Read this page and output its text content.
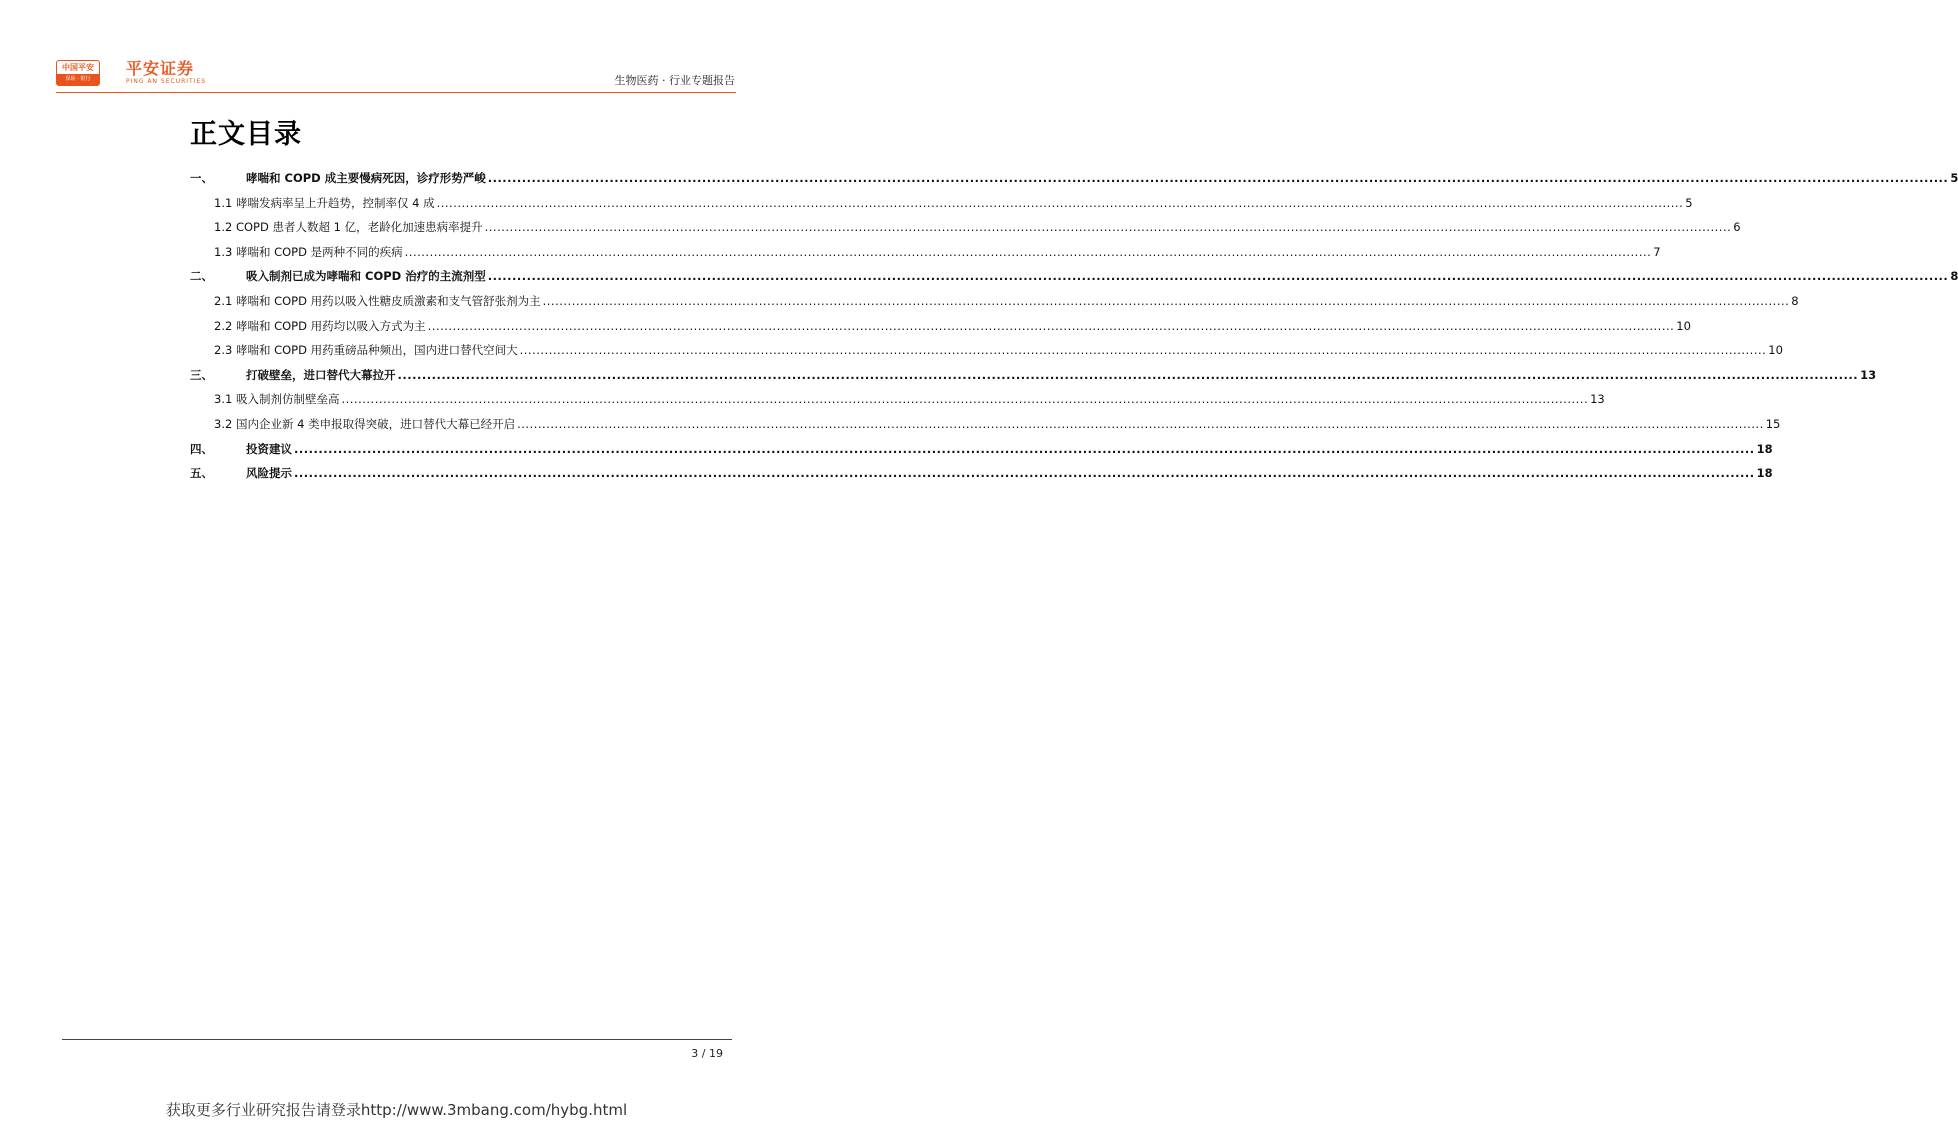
中国平安
保险 · 银行
平安证券
PING AN SECURITIES	生物医药 · 行业专题报告
正文目录
一、	哮喘和 COPD 成主要慢病死因，诊疗形势严峻 ............................................................................................................................................................................................................................................................................................................ 5
1.1 哮喘发病率呈上升趋势，控制率仅 4 成 ............................................................................................................................................................................................................................................................................................................ 5
1.2 COPD 患者人数超 1 亿，老龄化加速患病率提升 ............................................................................................................................................................................................................................................................................................................ 6
1.3 哮喘和 COPD 是两种不同的疾病 ............................................................................................................................................................................................................................................................................................................ 7
二、	吸入制剂已成为哮喘和 COPD 治疗的主流剂型 ............................................................................................................................................................................................................................................................................................................ 8
2.1 哮喘和 COPD 用药以吸入性糖皮质激素和支气管舒张剂为主 ............................................................................................................................................................................................................................................................................................................ 8
2.2 哮喘和 COPD 用药均以吸入方式为主 ............................................................................................................................................................................................................................................................................................................ 10
2.3 哮喘和 COPD 用药重磅品种频出，国内进口替代空间大 ............................................................................................................................................................................................................................................................................................................ 10
三、	打破壁垒，进口替代大幕拉开 ............................................................................................................................................................................................................................................................................................................ 13
3.1 吸入制剂仿制壁垒高 ............................................................................................................................................................................................................................................................................................................ 13
3.2 国内企业新 4 类申报取得突破，进口替代大幕已经开启 ............................................................................................................................................................................................................................................................................................................ 15
四、	投资建议 ............................................................................................................................................................................................................................................................................................................ 18
五、	风险提示 ............................................................................................................................................................................................................................................................................................................ 18
3 / 19
获取更多行业研究报告请登录http://www.3mbang.com/hybg.html
